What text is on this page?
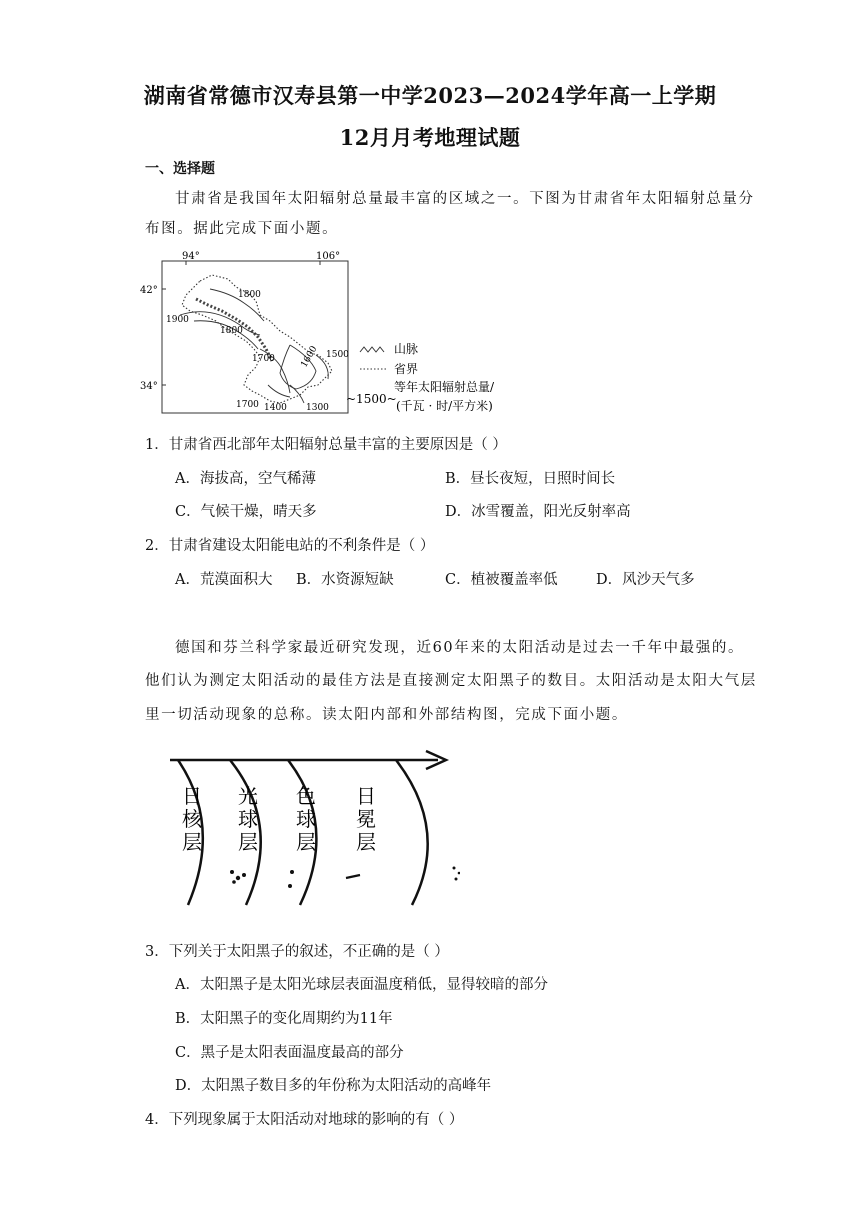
湖南省常德市汉寿县第一中学2023—2024学年高一上学期
12月月考地理试题
一、选择题
甘肃省是我国年太阳辐射总量最丰富的区域之一。下图为甘肃省年太阳辐射总量分
布图。据此完成下面小题。
94°	106°
42°
34°
1800
1900
1800
1700	1600 1500
1700 1400 1300
山脉
省界
~1500~
等年太阳辐射总量/
(千瓦 · 时/平方米)
1．甘肃省西北部年太阳辐射总量丰富的主要原因是（ ）
A．海拔高，空气稀薄	B．昼长夜短，日照时间长
C．气候干燥，晴天多	D．冰雪覆盖，阳光反射率高
2．甘肃省建设太阳能电站的不利条件是（ ）
A．荒漠面积大 B．水资源短缺	C．植被覆盖率低	D．风沙天气多
德国和芬兰科学家最近研究发现，近60年来的太阳活动是过去一千年中最强的。
他们认为测定太阳活动的最佳方法是直接测定太阳黑子的数目。太阳活动是太阳大气层
里一切活动现象的总称。读太阳内部和外部结构图，完成下面小题。
日
核
层
光
球
层
色
球
层
日
冕
层
3．下列关于太阳黑子的叙述，不正确的是（ ）
A．太阳黑子是太阳光球层表面温度稍低，显得较暗的部分
B．太阳黑子的变化周期约为11年
C．黑子是太阳表面温度最高的部分
D．太阳黑子数目多的年份称为太阳活动的高峰年
4．下列现象属于太阳活动对地球的影响的有（ ）
